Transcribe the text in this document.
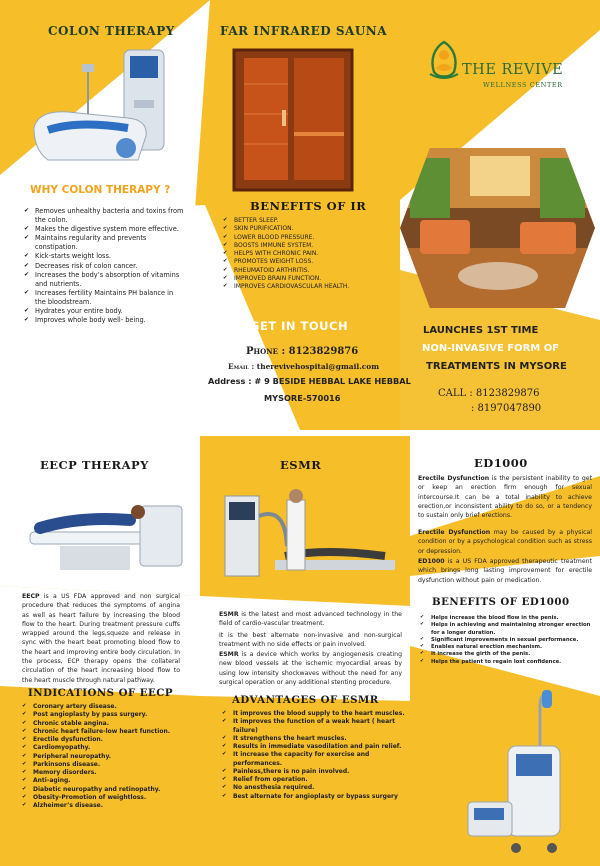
COLON THERAPY
WHY COLON THERAPY ?
✔ Removes unhealthy bacteria and toxins from the colon.
✔ Makes the digestive system more effective.
✔ Maintains regularity and prevents constipation.
✔ Kick-starts weight loss.
✔ Decreases risk of colon cancer.
✔ Increases the body’s absorption of vitamins and nutrients.
✔ Increases fertility Maintains PH balance in the bloodstream.
✔ Hydrates your entire body.
✔ Improves whole body well- being.
FAR INFRARED SAUNA
BENEFITS OF IR
✔ BETTER SLEEP.
✔ SKIN PURIFICATION.
✔ LOWER BLOOD PRESSURE.
✔ BOOSTS IMMUNE SYSTEM.
✔ HELPS WITH CHRONIC PAIN.
✔ PROMOTES WEIGHT LOSS.
✔ RHEUMATOID ARTHRITIS.
✔ IMPROVED BRAIN FUNCTION.
✔ IMPROVES CARDIOVASCULAR HEALTH.
GET IN TOUCH
Phone : 8123829876
Email : therevivehospital@gmail.com
Address : # 9 BESIDE HEBBAL LAKE HEBBAL
MYSORE-570016
THE REVIVE
WELLNESS CENTER
LAUNCHES 1ST TIME
NON-INVASIVE FORM OF
TREATMENTS IN MYSORE
CALL : 8123829876
: 8197047890
EECP THERAPY

EECP is a US FDA approved and non surgical procedure that reduces the symptoms of angina as well as heart failure by increasing the blood flow to the heart. During treatment pressure cuffs wrapped around the legs,squeze and release in sync with the heart beat promoting blood flow to the heart and improving entire body circulation. In the process, ECP therapy opens the collateral circulation of the heart increasing blood flow to the heart muscle through natural pathway.

INDICATIONS OF EECP
✔ Coronary artery disease.
✔ Post angioplasty by pass surgery.
✔ Chronic stable angina.
✔ Chronic heart failure-low heart function.
✔ Erectile dysfunction.
✔ Cardiomyopathy.
✔ Peripheral neuropathy.
✔ Parkinsons disease.
✔ Memory disorders.
✔ Anti-aging.
✔ Diabetic neuropathy and retinopathy.
✔ Obesity-Promotion of weightloss.
✔ Alzheimer’s disease.
ESMR

ESMR is the latest and most advanced technology in the field of cardio-vascular treatment.

It is the best alternate non-invasive and non-surgical treatment with no side effects or pain involved.

ESMR is a device which works by angiogenesis creating new blood vessels at the ischemic myocardial areas by using low intensity shockwaves without the need for any surgical operation or any additional stenting procedure.

ADVANTAGES OF ESMR
✔ It improves the blood supply to the heart muscles.
✔ It improves the function of a weak heart ( heart failure)
✔ It strengthens the heart muscles.
✔ Results in immediate vasodilation and pain relief.
✔ It increase the capacity for exercise and performances.
✔ Painless,there is no pain involved.
✔ Relief from operation.
✔ No anesthesia required.
✔ Best alternate for angioplasty or bypass surgery
ED1000

Erectile Dysfunction is the persistent inability to get or keep an erection firm enough for sexual intercourse.It can be a total inability to achieve erection,or inconsistent ability to do so, or a tendency to sustain only brief erections.

Erectile Dysfunction may be caused by a physical condition or by a psychological condition such as stress or depression.

ED1000 is a US FDA approved therapeutic treatment which brings long lasting improvement for erectile dysfunction without pain or medication.

BENEFITS OF ED1000
✔ Helps increase the blood flow in the penis.
✔ Helps in achieving and maintaining stronger erection for a longer duration.
✔ Significant improvements in sexual performance.
✔ Enables natural erection mechanism.
✔ It increase the girth of the penis.
✔ Helps the patient to regain lost confidence.
